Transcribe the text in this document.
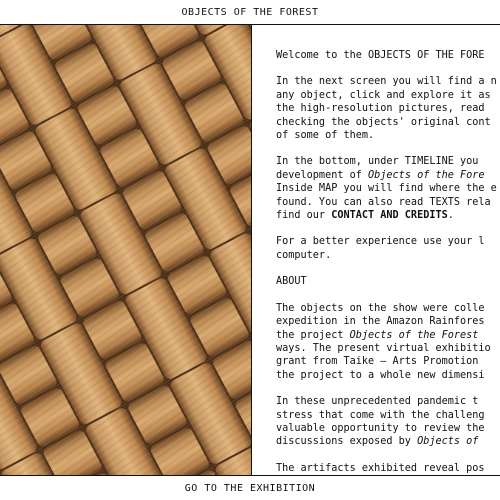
OBJECTS OF THE FOREST

Welcome to the OBJECTS OF THE FORE

In the next screen you will find a n
any object, click and explore it as
the high-resolution pictures, read
checking the objects' original cont
of some of them.

In the bottom, under TIMELINE you
development of Objects of the Fore
Inside MAP you will find where the e
found. You can also read TEXTS rela
find our CONTACT AND CREDITS.

For a better experience use your l
computer.

ABOUT

The objects on the show were colle
expedition in the Amazon Rainfores
the project Objects of the Forest
ways. The present virtual exhibitio
grant from Taike – Arts Promotion
the project to a whole new dimensi

In these unprecedented pandemic t
stress that come with the challeng
valuable opportunity to review the
discussions exposed by Objects of

The artifacts exhibited reveal pos

GO TO THE EXHIBITION
